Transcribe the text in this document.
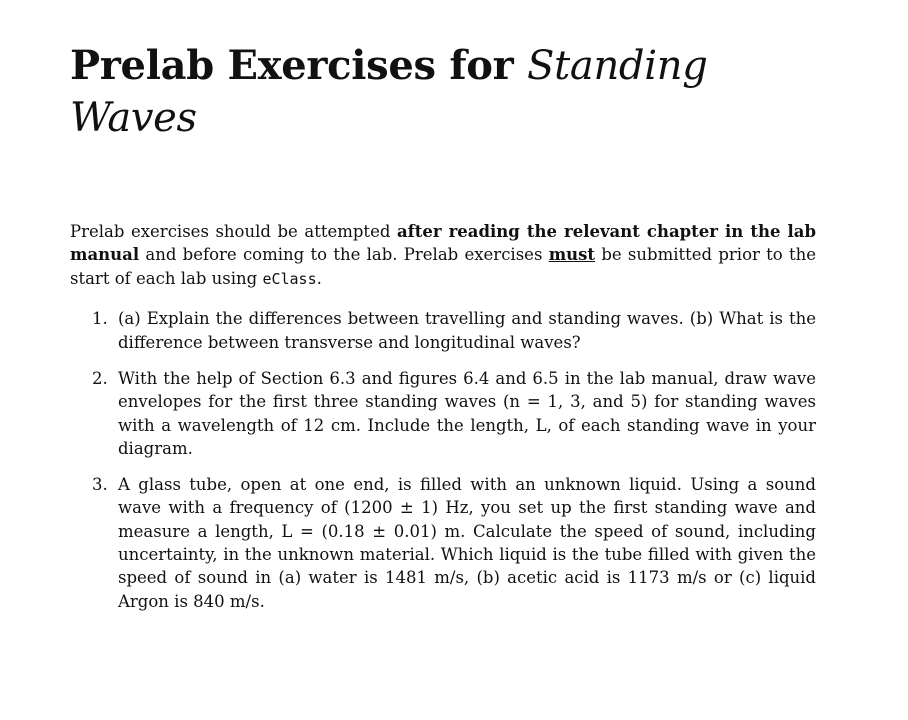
Prelab Exercises for Standing Waves

Prelab exercises should be attempted after reading the relevant chapter in the lab manual and before coming to the lab. Prelab exercises must be submitted prior to the start of each lab using eClass.

1. (a) Explain the differences between travelling and standing waves. (b) What is the difference between transverse and longitudinal waves?
2. With the help of Section 6.3 and figures 6.4 and 6.5 in the lab manual, draw wave envelopes for the first three standing waves (n = 1, 3, and 5) for standing waves with a wavelength of 12 cm. Include the length, L, of each standing wave in your diagram.
3. A glass tube, open at one end, is filled with an unknown liquid. Using a sound wave with a frequency of (1200 ± 1) Hz, you set up the first standing wave and measure a length, L = (0.18 ± 0.01) m. Calculate the speed of sound, including uncertainty, in the unknown material. Which liquid is the tube filled with given the speed of sound in (a) water is 1481 m/s, (b) acetic acid is 1173 m/s or (c) liquid Argon is 840 m/s.
